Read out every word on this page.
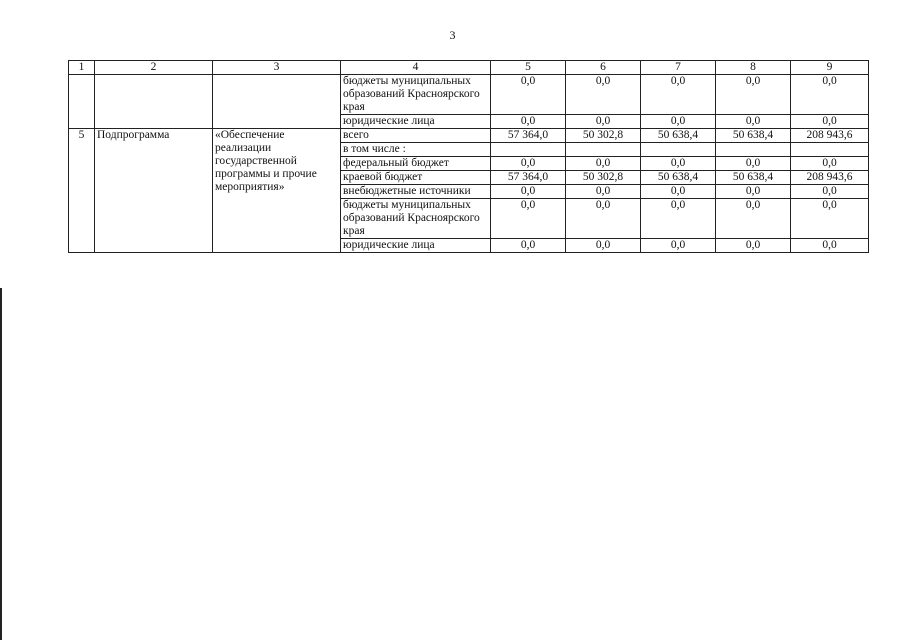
3
1	2	3	4	5	6	7	8	9
			бюджеты муниципальных образований Красноярского края	0,0	0,0	0,0	0,0	0,0
			юридические лица	0,0	0,0	0,0	0,0	0,0
5	Подпрограмма	«Обеспечение реализации государственной программы и прочие мероприятия»	всего	57 364,0	50 302,8	50 638,4	50 638,4	208 943,6
			в том числе :					
			федеральный бюджет	0,0	0,0	0,0	0,0	0,0
			краевой бюджет	57 364,0	50 302,8	50 638,4	50 638,4	208 943,6
			внебюджетные источники	0,0	0,0	0,0	0,0	0,0
			бюджеты муниципальных образований Красноярского края	0,0	0,0	0,0	0,0	0,0
			юридические лица	0,0	0,0	0,0	0,0	0,0
